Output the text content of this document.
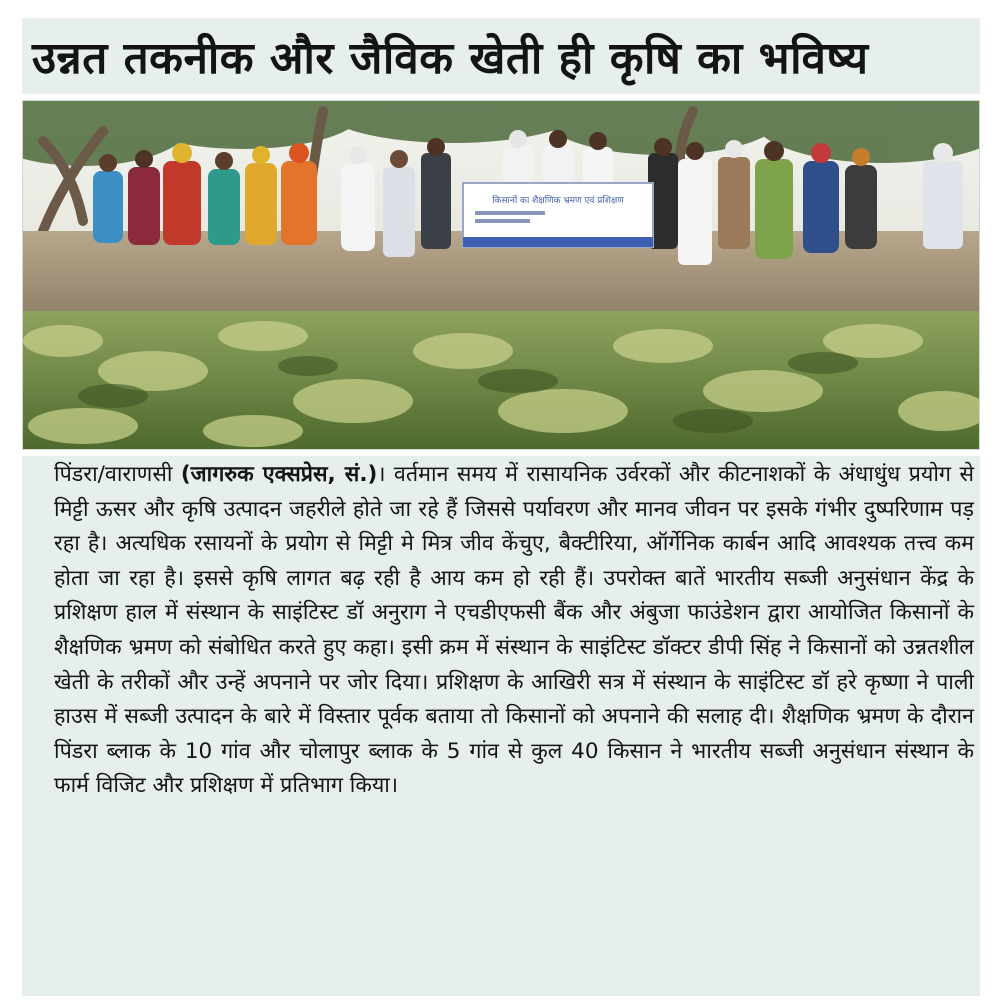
उन्नत तकनीक और जैविक खेती ही कृषि का भविष्य
किसानों का शैक्षणिक भ्रमण एवं प्रशिक्षण

पिंडरा/वाराणसी (जागरुक एक्सप्रेस, सं.)। वर्तमान समय में रासायनिक उर्वरकों और कीटनाशकों के अंधाधुंध प्रयोग से मिट्टी ऊसर और कृषि उत्पादन जहरीले होते जा रहे हैं जिससे पर्यावरण और मानव जीवन पर इसके गंभीर दुष्परिणाम पड़ रहा है। अत्यधिक रसायनों के प्रयोग से मिट्टी मे मित्र जीव केंचुए, बैक्टीरिया, ऑर्गेनिक कार्बन आदि आवश्यक तत्त्व कम होता जा रहा है। इससे कृषि लागत बढ़ रही है आय कम हो रही हैं। उपरोक्त बातें भारतीय सब्जी अनुसंधान केंद्र के प्रशिक्षण हाल में संस्थान के साइंटिस्ट डॉ अनुराग ने एचडीएफसी बैंक और अंबुजा फाउंडेशन द्वारा आयोजित किसानों के शैक्षणिक भ्रमण को संबोधित करते हुए कहा। इसी क्रम में संस्थान के साइंटिस्ट डॉक्टर डीपी सिंह ने किसानों को उन्नतशील खेती के तरीकों और उन्हें अपनाने पर जोर दिया। प्रशिक्षण के आखिरी सत्र में संस्थान के साइंटिस्ट डॉ हरे कृष्णा ने पाली हाउस में सब्जी उत्पादन के बारे में विस्तार पूर्वक बताया तो किसानों को अपनाने की सलाह दी। शैक्षणिक भ्रमण के दौरान पिंडरा ब्लाक के 10 गांव और चोलापुर ब्लाक के 5 गांव से कुल 40 किसान ने भारतीय सब्जी अनुसंधान संस्थान के फार्म विजिट और प्रशिक्षण में प्रतिभाग किया।
